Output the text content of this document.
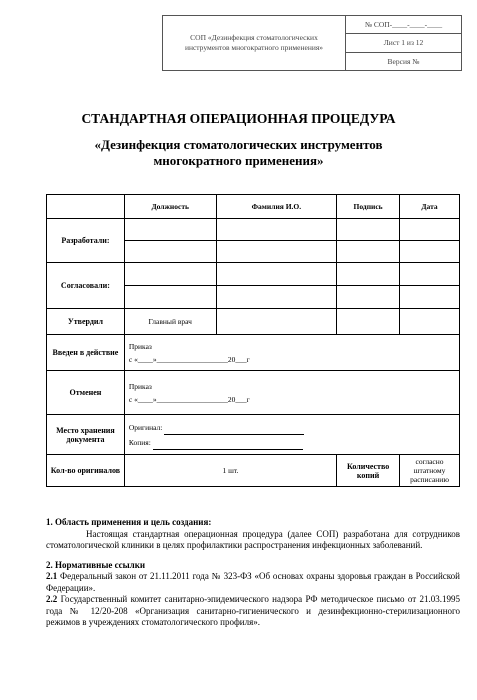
СОП «Дезинфекция стоматологических
инструментов многократного применения»
№ СОП-____-____-____
Лист 1 из 12
Версия №
СТАНДАРТНАЯ ОПЕРАЦИОННАЯ ПРОЦЕДУРА
«Дезинфекция стоматологических инструментов
многократного применения»
	Должность	Фамилия И.О.	Подпись	Дата
Разработали:				

Согласовали:				

Утвердил	Главный врач			
Введен в действие	Приказ
с «____»___________________20___г			

Отменен	Приказ
с «____»___________________20___г			

Место хранения документа	Оригинал:
Копия:			

Кол-во оригиналов	1 шт.		Количество копий	согласно штатному расписанию

1. Область применения и цель создания:

Настоящая стандартная операционная процедура (далее СОП) разработана для сотрудников стоматологической клиники в целях профилактики распространения инфекционных заболеваний.

2. Нормативные ссылки

2.1 Федеральный закон от 21.11.2011 года № 323-ФЗ «Об основах охраны здоровья граждан в Российской Федерации».

2.2 Государственный комитет санитарно-эпидемического надзора РФ методическое письмо от 21.03.1995 года № 12/20-208 «Организация санитарно-гигиенического и дезинфекционно-стерилизационного режимов в учреждениях стоматологического профиля».
